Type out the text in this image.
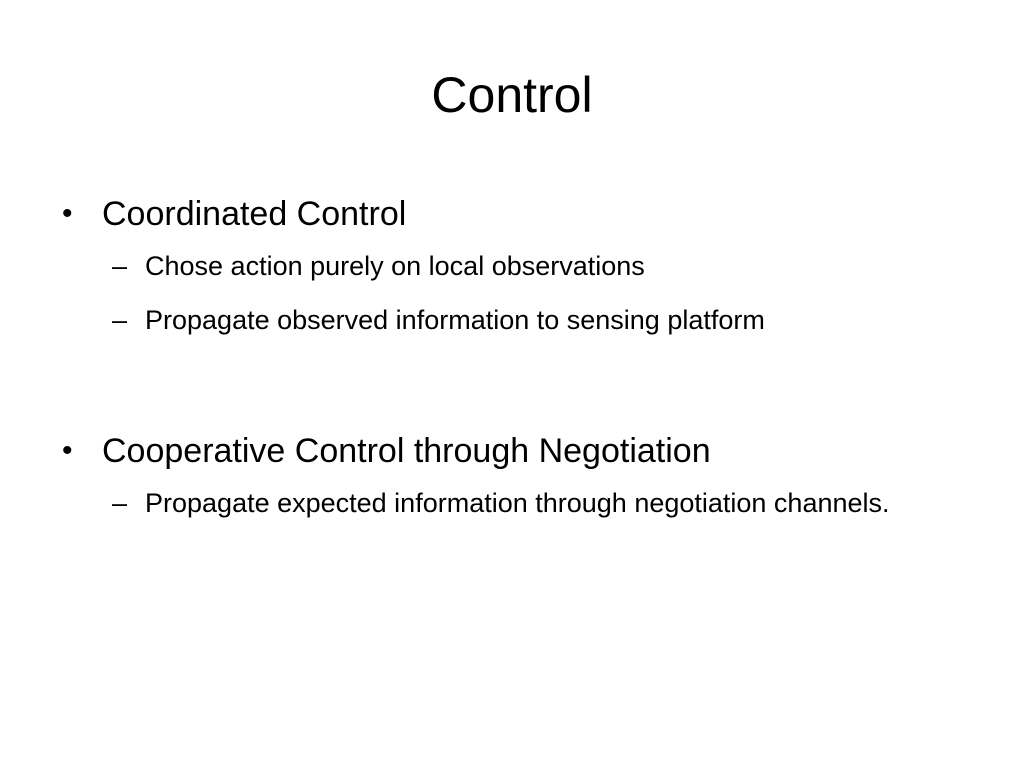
Control
• Coordinated Control
– Chose action purely on local observations
– Propagate observed information to sensing platform
• Cooperative Control through Negotiation
– Propagate expected information through negotiation channels.
